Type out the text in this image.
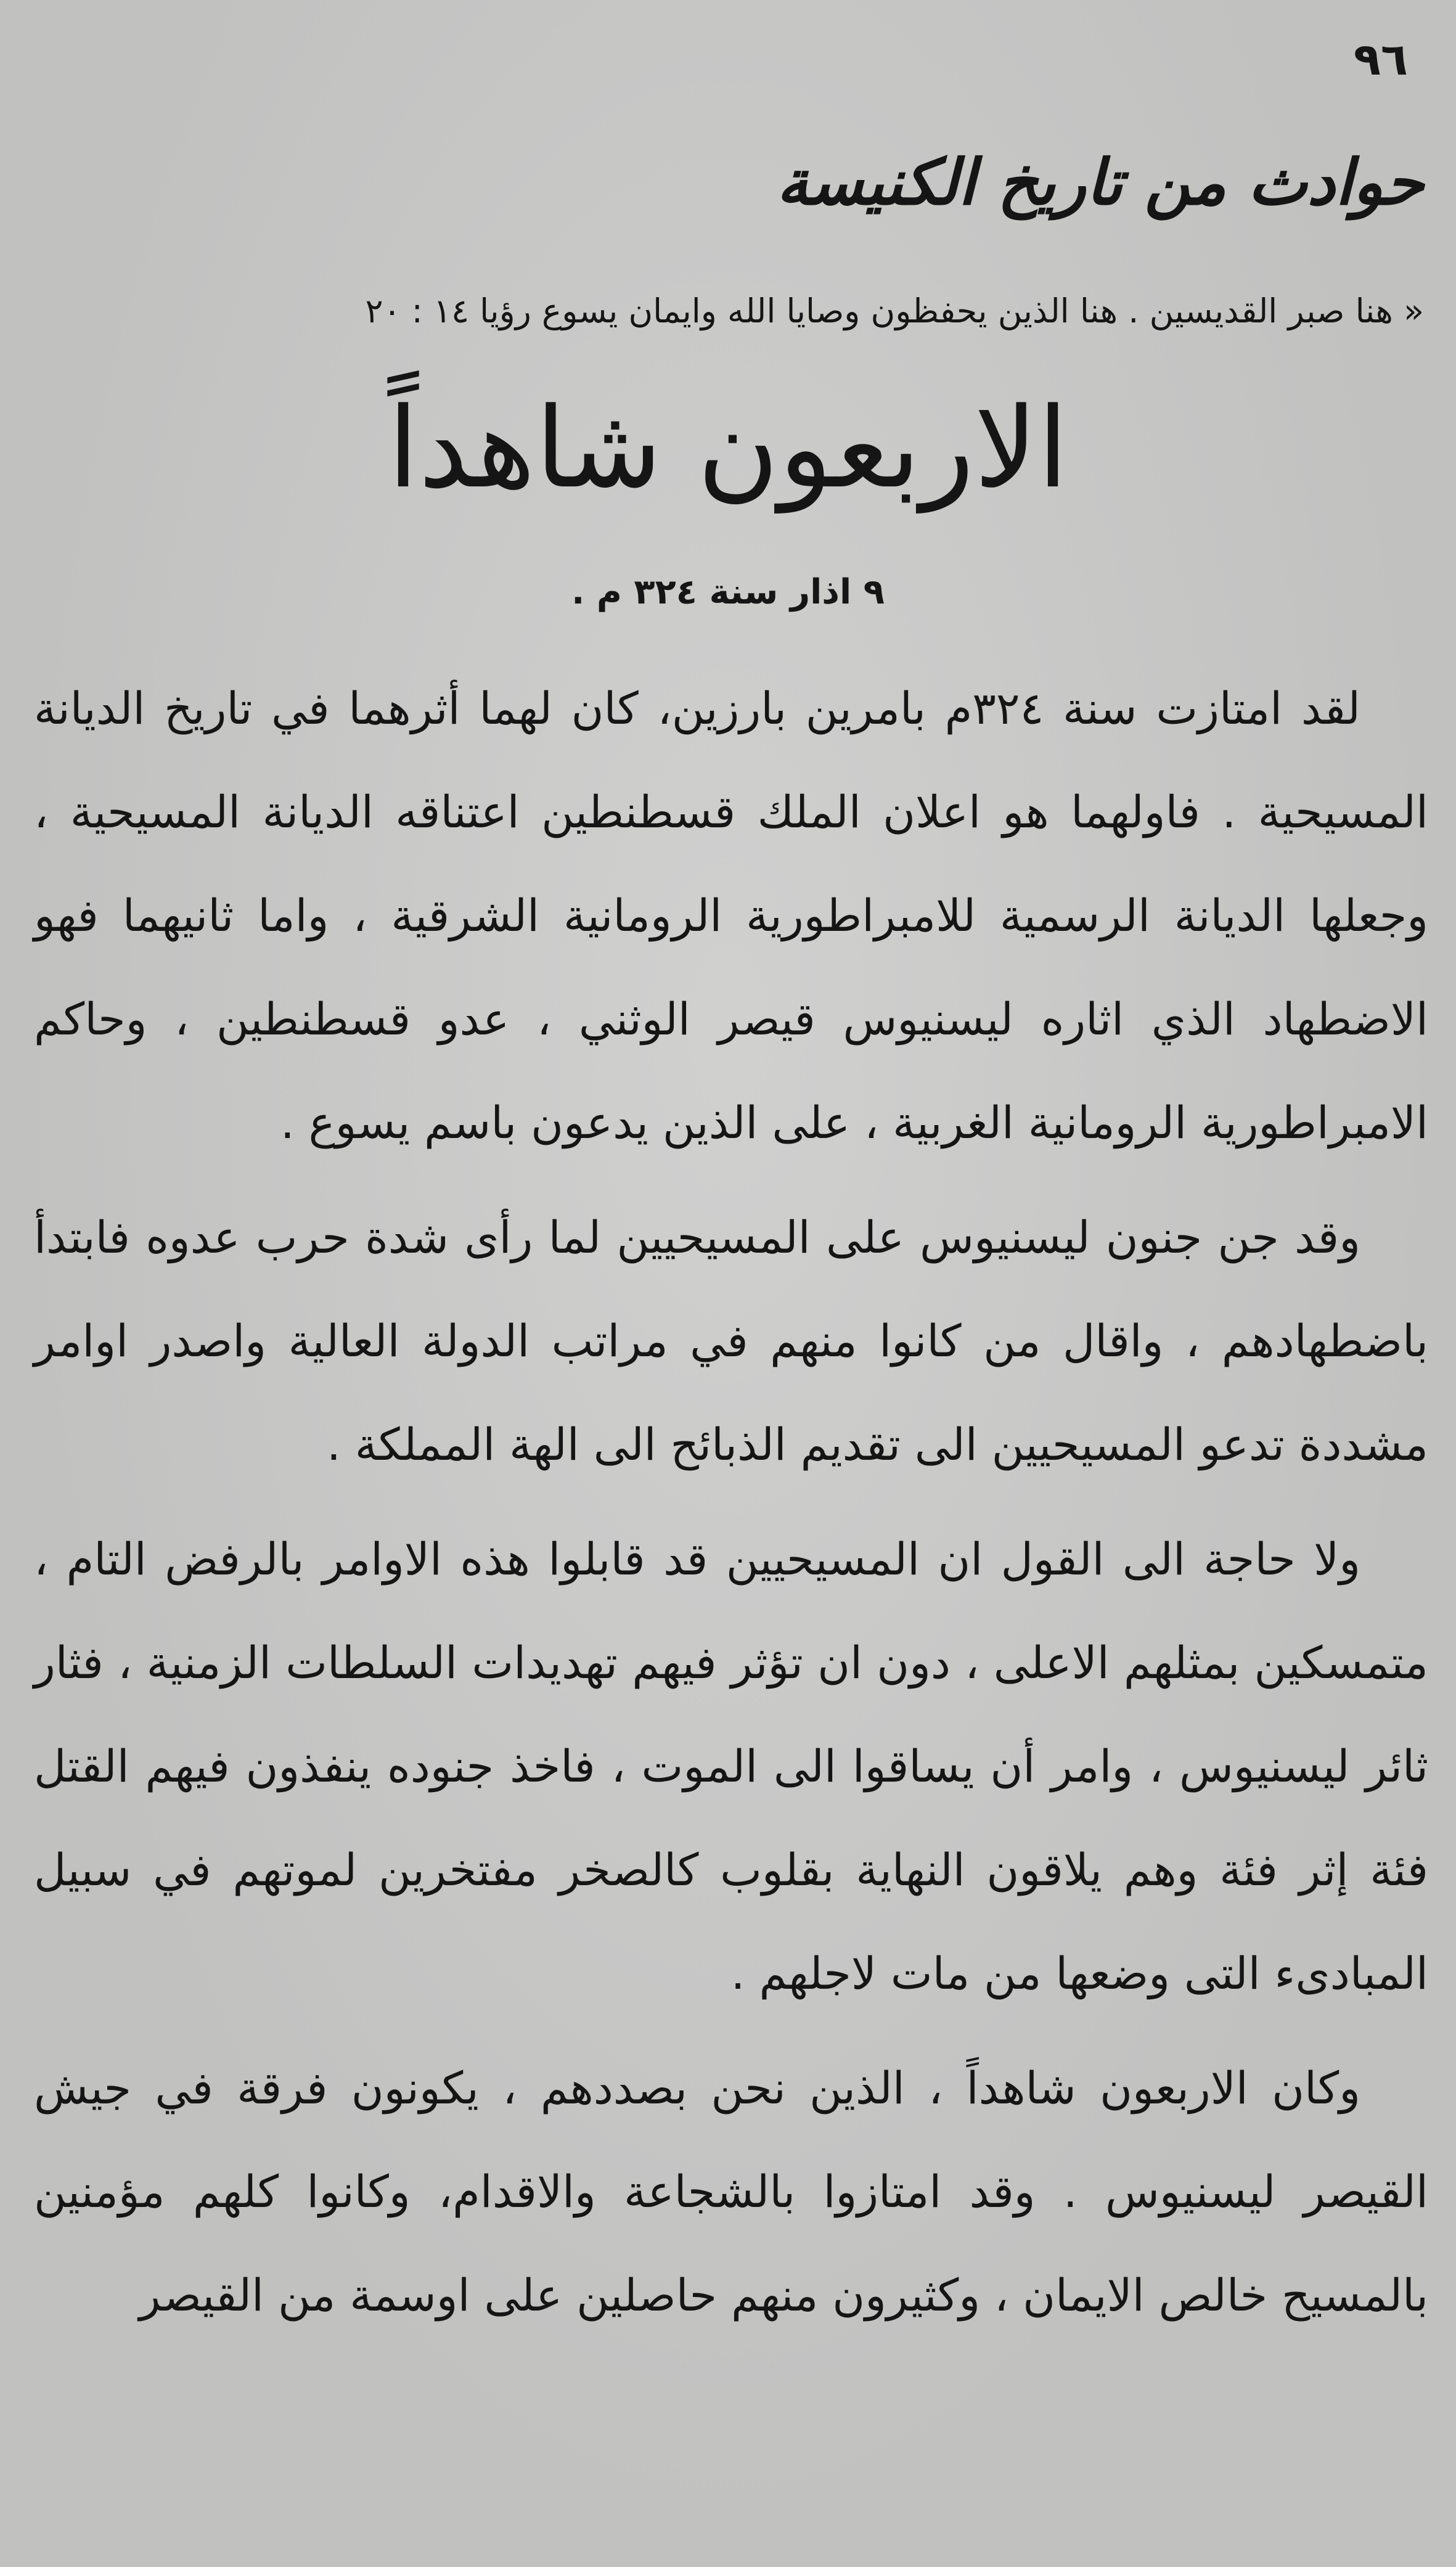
٩٦
حوادث من تاريخ الكنيسة
« هنا صبر القديسين . هنا الذين يحفظون وصايا الله وايمان يسوع رؤيا ١٤ : ٢٠
الاربعون شاهداً
٩ اذار سنة ٣٢٤ م .

لقد امتازت سنة ٣٢٤م بامرين بارزين، كان لهما أثرهما في تاريخ الديانة المسيحية . فاولهما هو اعلان الملك قسطنطين اعتناقه الديانة المسيحية ، وجعلها الديانة الرسمية للامبراطورية الرومانية الشرقية ، واما ثانيهما فهو الاضطهاد الذي اثاره ليسنيوس قيصر الوثني ، عدو قسطنطين ، وحاكم الامبراطورية الرومانية الغربية ، على الذين يدعون باسم يسوع .

وقد جن جنون ليسنيوس على المسيحيين لما رأى شدة حرب عدوه فابتدأ باضطهادهم ، واقال من كانوا منهم في مراتب الدولة العالية واصدر اوامر مشددة تدعو المسيحيين الى تقديم الذبائح الى الهة المملكة .

ولا حاجة الى القول ان المسيحيين قد قابلوا هذه الاوامر بالرفض التام ، متمسكين بمثلهم الاعلى ، دون ان تؤثر فيهم تهديدات السلطات الزمنية ، فثار ثائر ليسنيوس ، وامر أن يساقوا الى الموت ، فاخذ جنوده ينفذون فيهم القتل فئة إثر فئة وهم يلاقون النهاية بقلوب كالصخر مفتخرين لموتهم في سبيل المبادىء التى وضعها من مات لاجلهم .

وكان الاربعون شاهداً ، الذين نحن بصددهم ، يكونون فرقة في جيش القيصر ليسنيوس . وقد امتازوا بالشجاعة والاقدام، وكانوا كلهم مؤمنين بالمسيح خالص الايمان ، وكثيرون منهم حاصلين على اوسمة من القيصر
